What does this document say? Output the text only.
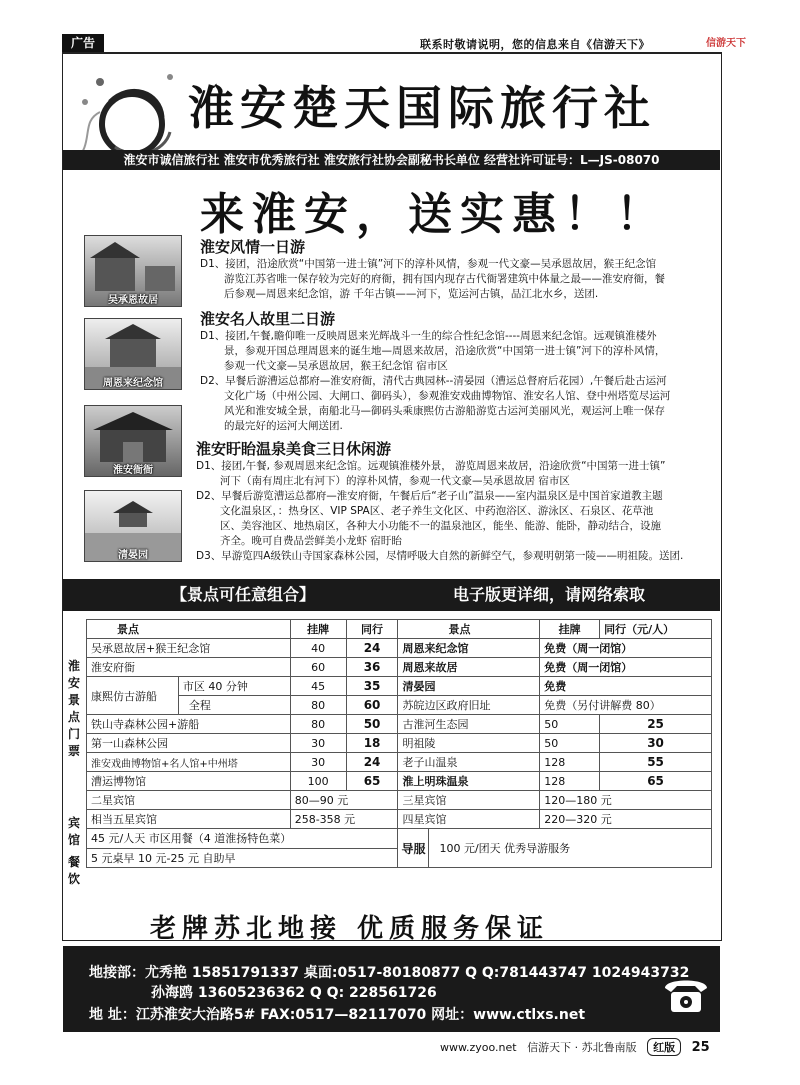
广告	联系时敬请说明，您的信息来自《信游天下》	信游天下
淮安楚天国际旅行社
淮安市诚信旅行社 淮安市优秀旅行社 淮安旅行社协会副秘书长单位 经营社许可证号：L—JS-08070
来淮安，送实惠！！
吴承恩故居
周恩来纪念馆
淮安衙衙
清晏园
淮安风情一日游
D1、接团，沿途欣赏“中国第一进士镇”河下的淳朴风情，参观一代文豪—吴承恩故居，猴王纪念馆
游览江苏省唯一保存较为完好的府衙，拥有国内现存古代衙署建筑中体量之最——淮安府衙，餐
后参观—周恩来纪念馆，游 千年古镇——河下，览运河古镇，品江北水乡，送团.
淮安名人故里二日游
D1、接团,午餐,瞻仰唯一反映周恩来光辉战斗一生的综合性纪念馆----周恩来纪念馆。远观镇淮楼外
景，参观开国总理周恩来的诞生地—周恩来故居，沿途欣赏“中国第一进士镇”河下的淳朴风情，
参观一代文豪—吴承恩故居，猴王纪念馆 宿市区
D2、早餐后游漕运总都府—淮安府衙，清代古典园林--清晏园（漕运总督府后花园）,午餐后赴古运河
文化广场（中州公园、大闸口、御码头），参观淮安戏曲博物馆、淮安名人馆、登中州塔览尽运河
风光和淮安城全景，南船北马—御码头乘康熙仿古游船游览古运河美丽风光，观运河上唯一保存
的最完好的运河大闸送团.
淮安盱眙温泉美食三日休闲游
D1、接团,午餐, 参观周恩来纪念馆。远观镇淮楼外景， 游览周恩来故居，沿途欣赏“中国第一进士镇”
河下（南有周庄北有河下）的淳朴风情，参观一代文豪—吴承恩故居 宿市区
D2、早餐后游览漕运总都府—淮安府衙，午餐后后“老子山”温泉——室内温泉区是中国首家道教主题
文化温泉区，：热身区、VIP SPA区、老子养生文化区、中药泡浴区、游泳区、石泉区、花草池
区、美容池区、地热扇区，各种大小功能不一的温泉池区，能坐、能游、能卧，静动结合，设施
齐全。晚可自费品尝鲜美小龙虾 宿盱眙
D3、早游览四A级铁山寺国家森林公园，尽情呼吸大自然的新鲜空气，参观明朝第一陵——明祖陵。送团.
【景点可任意组合】	电子版更详细，请网络索取
淮安景点门票
宾馆
餐饮
景点		挂牌	同行	景点	挂牌	同行（元/人）
吴承恩故居+猴王纪念馆		40	24	周恩来纪念馆	免费（周一闭馆）	
淮安府衙		60	36	周恩来故居	免费（周一闭馆）	
康熙仿古游船	市区 40 分钟	45	35	清晏园	免费	
	全程	80	60	苏皖边区政府旧址	免费（另付讲解费 80）	
铁山寺森林公园+游船		80	50	古淮河生态园	50	25
第一山森林公园		30	18	明祖陵	50	30
淮安戏曲博物馆+名人馆+中州塔		30	24	老子山温泉	128	55
漕运博物馆		100	65	淮上明珠温泉	128	65
二星宾馆		80—90 元		三星宾馆	120—180 元	
相当五星宾馆		258-358 元		四星宾馆	220—320 元	
45 元/人天 市区用餐（4 道淮扬特色菜）				导服 100 元/团天 优秀导游服务		

5 元桌早 10 元-25 元 自助早						
老牌苏北地接 优质服务保证
地接部：尤秀艳 15851791337 桌面:0517-80180877 Q Q:781443747 1024943732
孙海鸥 13605236362 Q Q: 228561726
地 址：江苏淮安大治路5# FAX:0517—82117070 网址：www.ctlxs.net
www.zyoo.net 信游天下 · 苏北鲁南版 红版 25
